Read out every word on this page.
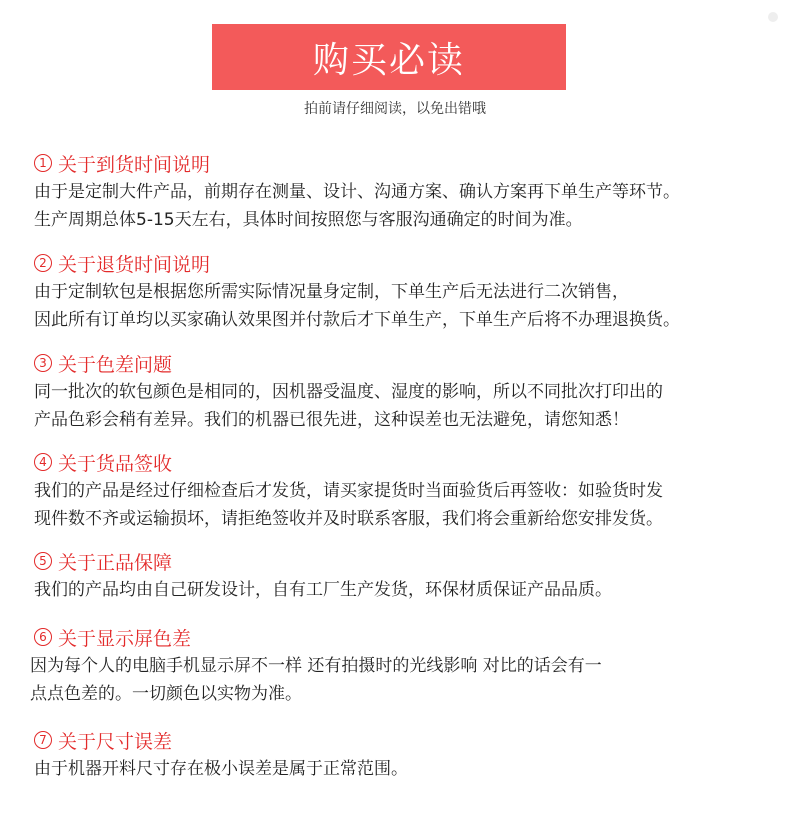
购买必读
拍前请仔细阅读，以免出错哦
1 关于到货时间说明
由于是定制大件产品，前期存在测量、设计、沟通方案、确认方案再下单生产等环节。
生产周期总体5-15天左右，具体时间按照您与客服沟通确定的时间为准。
2 关于退货时间说明
由于定制软包是根据您所需实际情况量身定制，下单生产后无法进行二次销售，
因此所有订单均以买家确认效果图并付款后才下单生产，下单生产后将不办理退换货。
3 关于色差问题
同一批次的软包颜色是相同的，因机器受温度、湿度的影响，所以不同批次打印出的
产品色彩会稍有差异。我们的机器已很先进，这种误差也无法避免，请您知悉！
4 关于货品签收
我们的产品是经过仔细检查后才发货，请买家提货时当面验货后再签收：如验货时发
现件数不齐或运输损坏，请拒绝签收并及时联系客服，我们将会重新给您安排发货。
5 关于正品保障
我们的产品均由自己研发设计，自有工厂生产发货，环保材质保证产品品质。
6 关于显示屏色差
因为每个人的电脑手机显示屏不一样 还有拍摄时的光线影响 对比的话会有一
点点色差的。一切颜色以实物为准。
7 关于尺寸误差
由于机器开料尺寸存在极小误差是属于正常范围。
